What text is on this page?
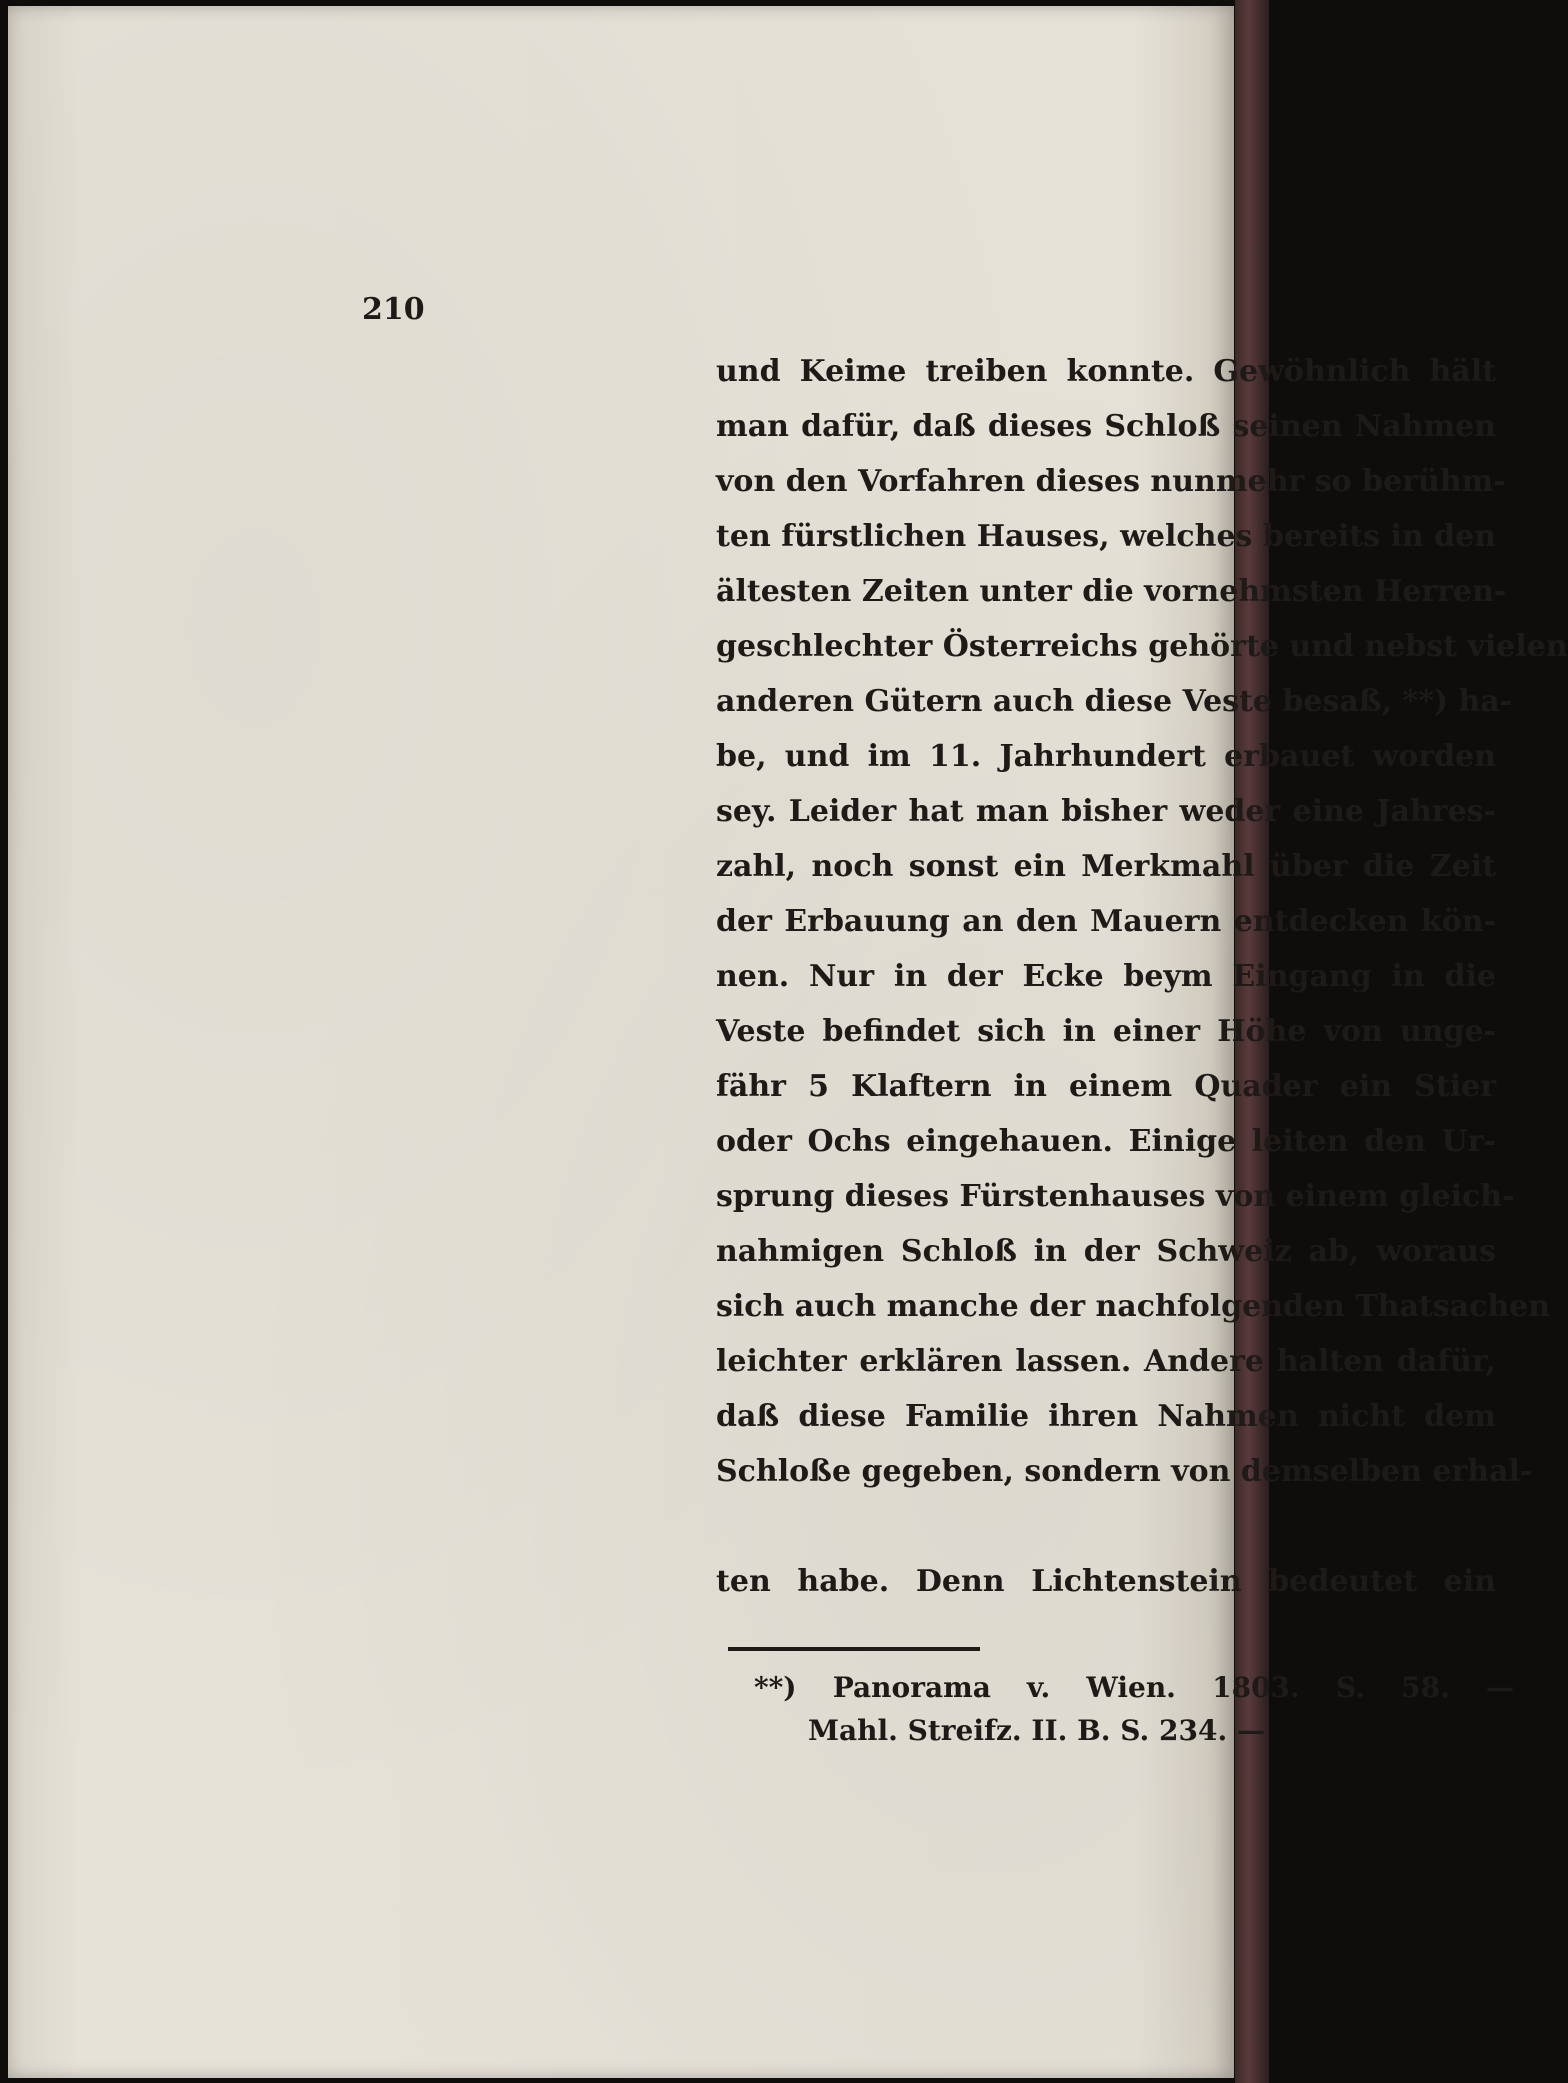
210
und Keime treiben konnte. Gewöhnlich hält
man dafür, daß dieses Schloß seinen Nahmen
von den Vorfahren dieses nunmehr so berühm-
ten fürstlichen Hauses, welches bereits in den
ältesten Zeiten unter die vornehmsten Herren-
geschlechter Österreichs gehörte und nebst vielen
anderen Gütern auch diese Veste besaß, **) ha-
be, und im 11. Jahrhundert erbauet worden
sey. Leider hat man bisher weder eine Jahres-
zahl, noch sonst ein Merkmahl über die Zeit
der Erbauung an den Mauern entdecken kön-
nen. Nur in der Ecke beym Eingang in die
Veste befindet sich in einer Höhe von unge-
fähr 5 Klaftern in einem Quader ein Stier
oder Ochs eingehauen. Einige leiten den Ur-
sprung dieses Fürstenhauses von einem gleich-
nahmigen Schloß in der Schweiz ab, woraus
sich auch manche der nachfolgenden Thatsachen
leichter erklären lassen. Andere halten dafür,
daß diese Familie ihren Nahmen nicht dem
Schloße gegeben, sondern von demselben erhal-
ten habe. Denn Lichtenstein bedeutet ein
**) Panorama v. Wien. 1803. S. 58. —
Mahl. Streifz. II. B. S. 234. —
